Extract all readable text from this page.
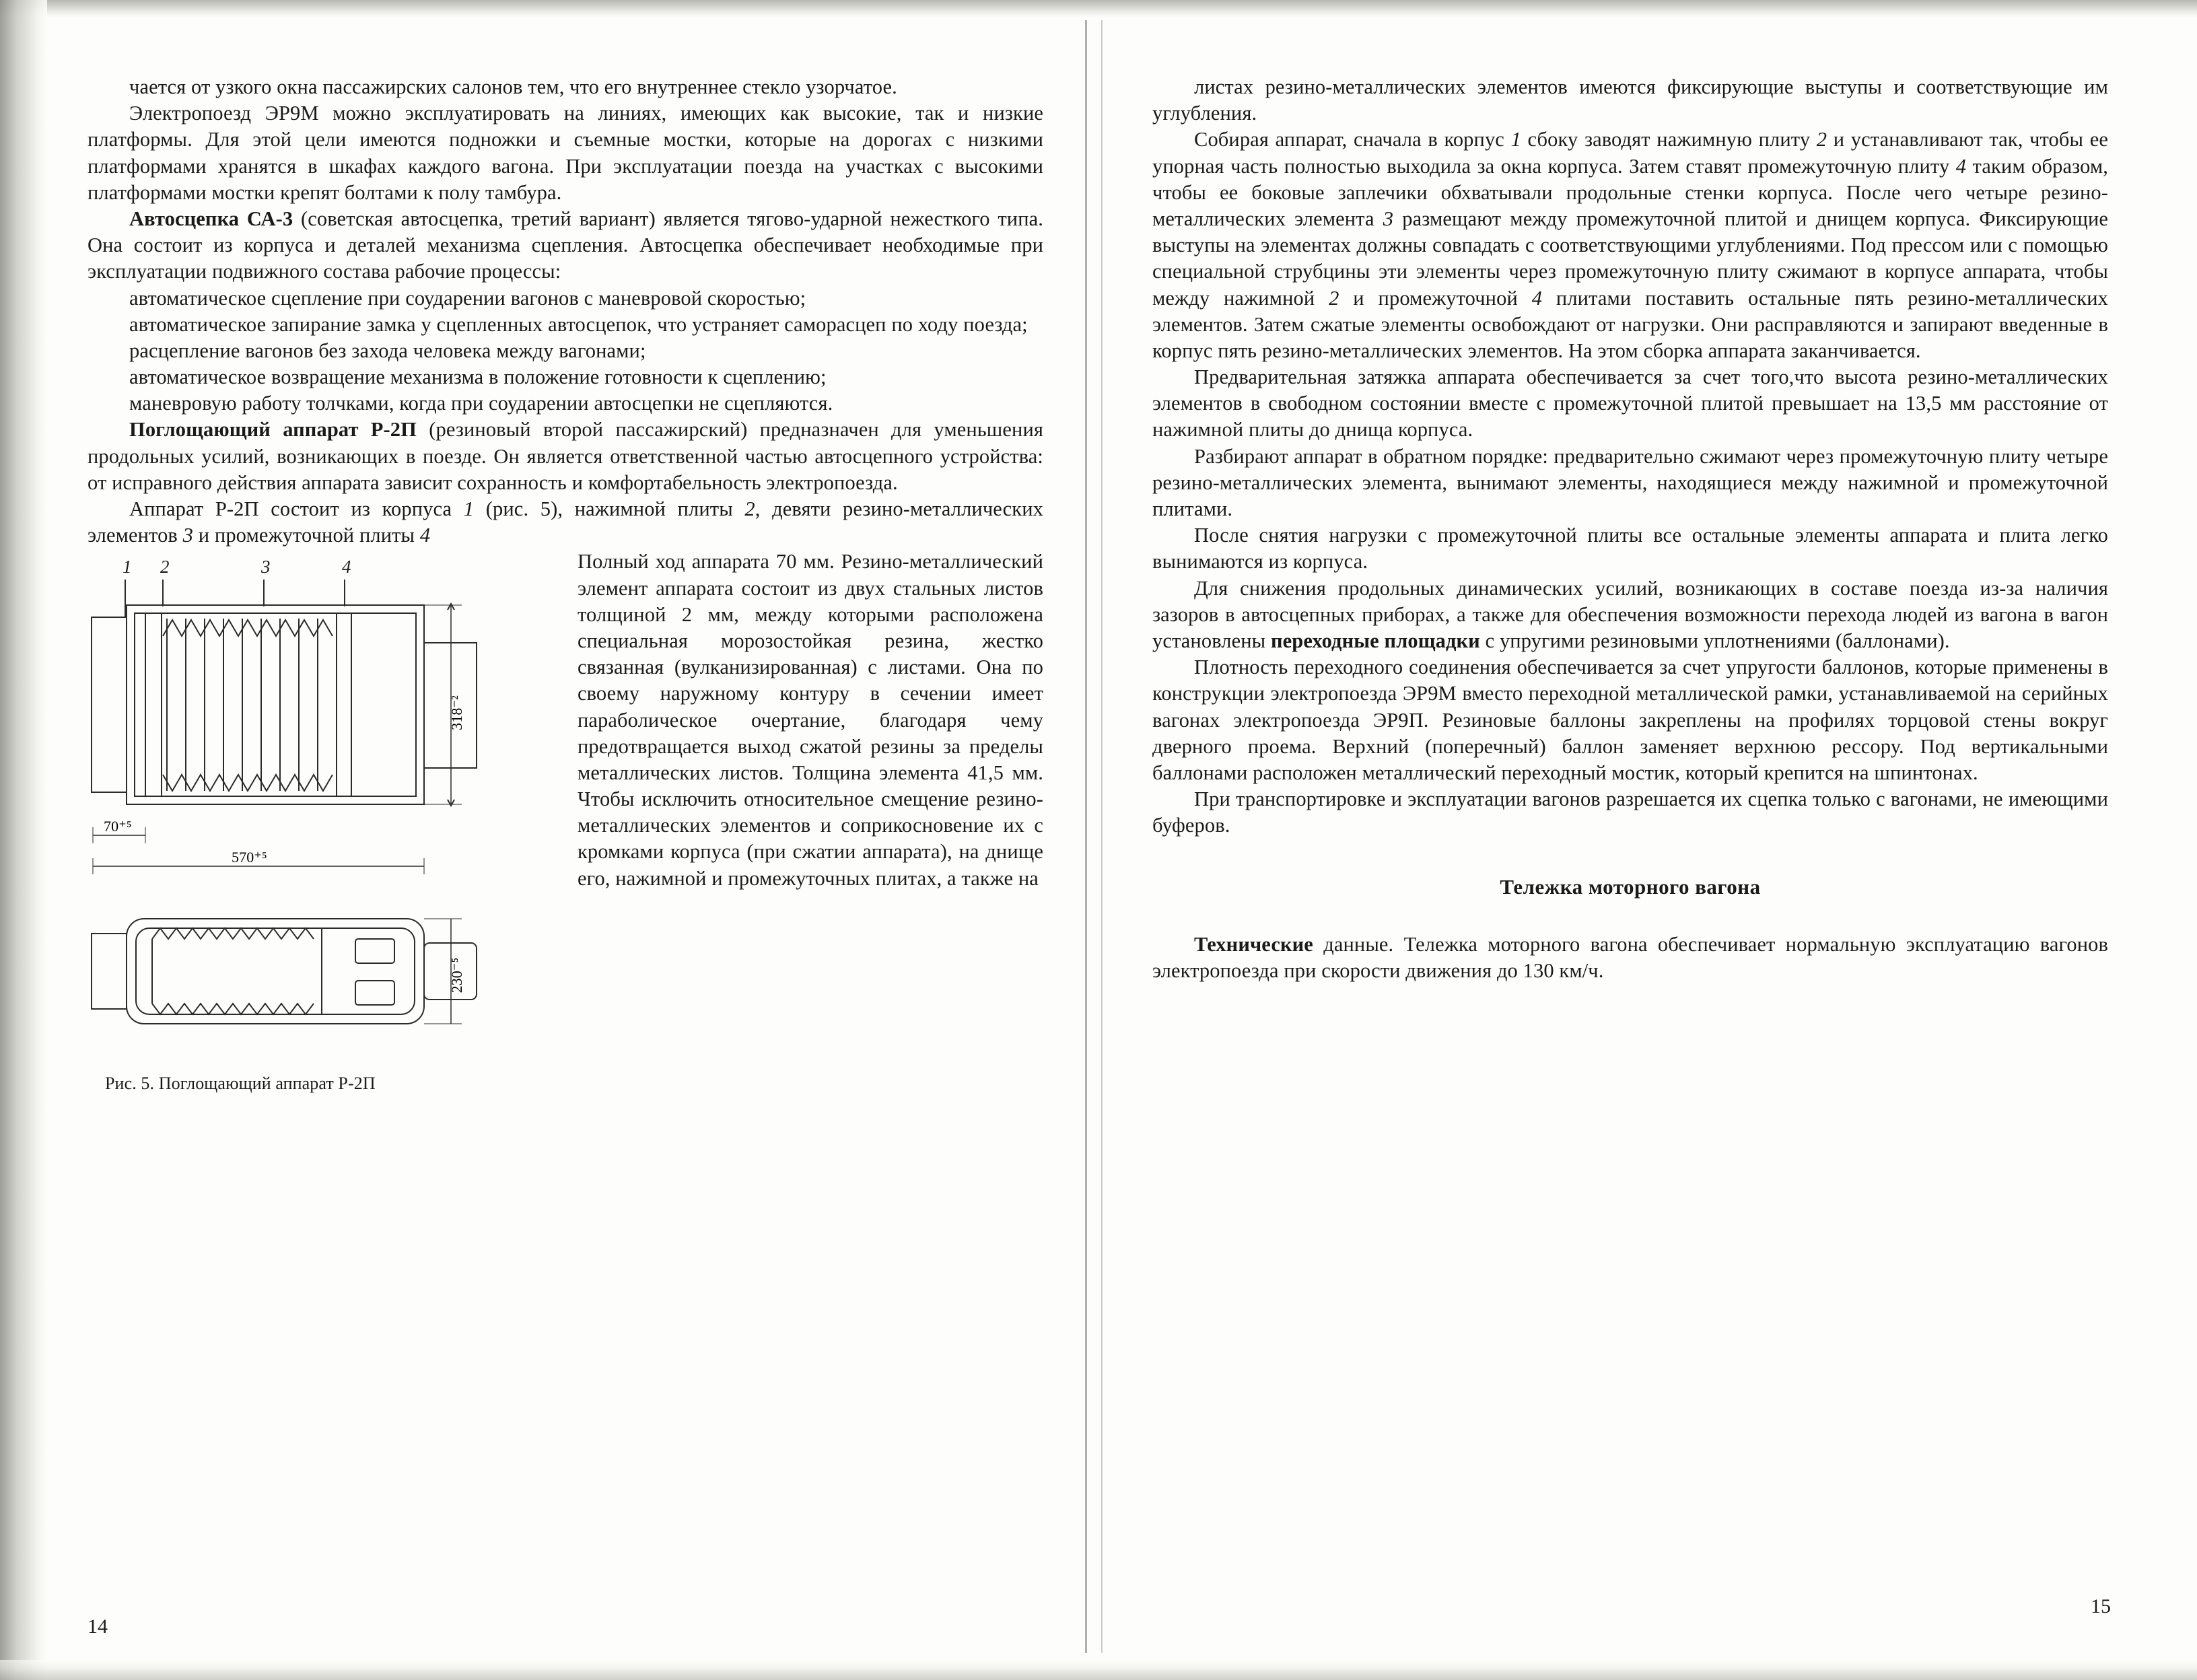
чается от узкого окна пассажирских салонов тем, что его внутреннее стекло узорчатое.

Электропоезд ЭР9М можно эксплуатировать на линиях, имеющих как высокие, так и низкие платформы. Для этой цели имеются подножки и съемные мостки, которые на дорогах с низкими платформами хранятся в шкафах каждого вагона. При эксплуатации поезда на участках с высокими платформами мостки крепят болтами к полу тамбура.

Автосцепка СА-3 (советская автосцепка, третий вариант) является тягово-ударной нежесткого типа. Она состоит из корпуса и деталей механизма сцепления. Автосцепка обеспечивает необходимые при эксплуатации подвижного состава рабочие процессы:

автоматическое сцепление при соударении вагонов с маневровой скоростью;

автоматическое запирание замка у сцепленных автосцепок, что устраняет саморасцеп по ходу поезда;

расцепление вагонов без захода человека между вагонами;

автоматическое возвращение механизма в положение готовности к сцеплению;

маневровую работу толчками, когда при соударении автосцепки не сцепляются.

Поглощающий аппарат Р-2П (резиновый второй пассажирский) предназначен для уменьшения продольных усилий, возникающих в поезде. Он является ответственной частью автосцепного устройства: от исправного действия аппарата зависит сохранность и комфортабельность электропоезда.

Аппарат Р-2П состоит из корпуса 1 (рис. 5), нажимной плиты 2, девяти резино-металлических элементов 3 и промежуточной плиты 4

1 2	3	4
318⁻²
70⁺⁵
570⁺⁵
230⁻⁵
Рис. 5. Поглощающий аппарат Р-2П

Полный ход аппарата 70 мм. Резино-металлический элемент аппарата состоит из двух стальных листов толщиной 2 мм, между которыми расположена специальная морозостойкая резина, жестко связанная (вулканизированная) с листами. Она по своему наружному контуру в сечении имеет параболическое очертание, благодаря чему предотвращается выход сжатой резины за пределы металлических листов. Толщина элемента 41,5 мм. Чтобы исключить относительное смещение резино-металлических элементов и соприкосновение их с кромками корпуса (при сжатии аппарата), на днище его, нажимной и промежуточных плитах, а также на

листах резино-металлических элементов имеются фиксирующие выступы и соответствующие им углубления.

Собирая аппарат, сначала в корпус 1 сбоку заводят нажимную плиту 2 и устанавливают так, чтобы ее упорная часть полностью выходила за окна корпуса. Затем ставят промежуточную плиту 4 таким образом, чтобы ее боковые заплечики обхватывали продольные стенки корпуса. После чего четыре резино-металлических элемента 3 размещают между промежуточной плитой и днищем корпуса. Фиксирующие выступы на элементах должны совпадать с соответствующими углублениями. Под прессом или с помощью специальной струбцины эти элементы через промежуточную плиту сжимают в корпусе аппарата, чтобы между нажимной 2 и промежуточной 4 плитами поставить остальные пять резино-металлических элементов. Затем сжатые элементы освобождают от нагрузки. Они расправляются и запирают введенные в корпус пять резино-металлических элементов. На этом сборка аппарата заканчивается.

Предварительная затяжка аппарата обеспечивается за счет того,что высота резино-металлических элементов в свободном состоянии вместе с промежуточной плитой превышает на 13,5 мм расстояние от нажимной плиты до днища корпуса.

Разбирают аппарат в обратном порядке: предварительно сжимают через промежуточную плиту четыре резино-металлических элемента, вынимают элементы, находящиеся между нажимной и промежуточной плитами.

После снятия нагрузки с промежуточной плиты все остальные элементы аппарата и плита легко вынимаются из корпуса.

Для снижения продольных динамических усилий, возникающих в составе поезда из-за наличия зазоров в автосцепных приборах, а также для обеспечения возможности перехода людей из вагона в вагон установлены переходные площадки с упругими резиновыми уплотнениями (баллонами).

Плотность переходного соединения обеспечивается за счет упругости баллонов, которые применены в конструкции электропоезда ЭР9М вместо переходной металлической рамки, устанавливаемой на серийных вагонах электропоезда ЭР9П. Резиновые баллоны закреплены на профилях торцовой стены вокруг дверного проема. Верхний (поперечный) баллон заменяет верхнюю рессору. Под вертикальными баллонами расположен металлический переходный мостик, который крепится на шпинтонах.

При транспортировке и эксплуатации вагонов разрешается их сцепка только с вагонами, не имеющими буферов.

Тележка моторного вагона

Технические данные. Тележка моторного вагона обеспечивает нормальную эксплуатацию вагонов электропоезда при скорости движения до 130 км/ч.

14
15
